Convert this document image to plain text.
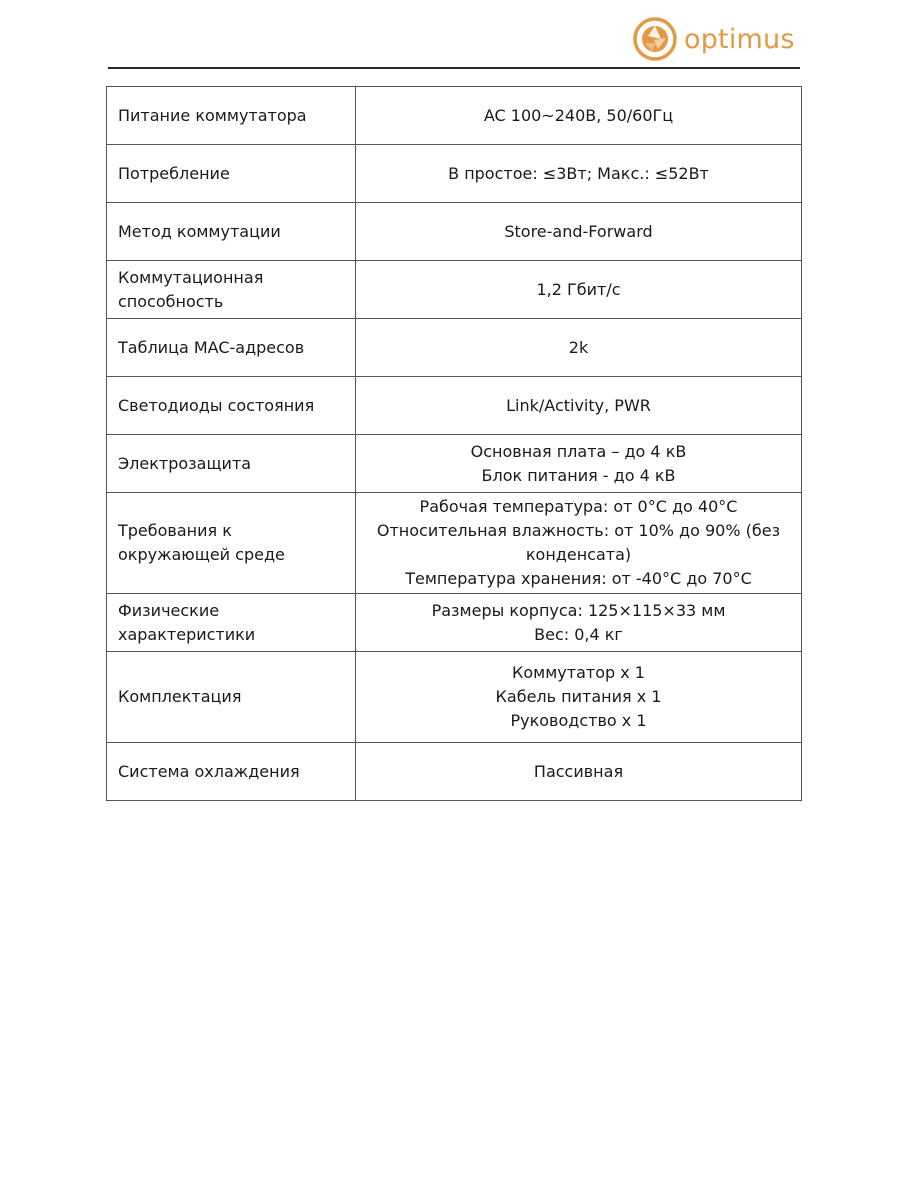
optimus
Питание коммутатора	AC 100~240В, 50/60Гц

Потребление	В простое: ≤3Вт; Макс.: ≤52Вт

Метод коммутации	Store-and-Forward

Коммутационная способность	1,2 Гбит/с

Таблица MAC-адресов	2k

Светодиоды состояния	Link/Activity, PWR

Электрозащита	Основная плата – до 4 кВ
Блок питания - до 4 кВ

Требования к окружающей среде	Рабочая температура: от 0°C до 40°C
Относительная влажность: от 10% до 90% (без конденсата)
Температура хранения: от -40°C до 70°C

Физические характеристики	Размеры корпуса: 125×115×33 мм
Вес: 0,4 кг

Комплектация	Коммутатор х 1
Кабель питания х 1
Руководство х 1

Система охлаждения	Пассивная
